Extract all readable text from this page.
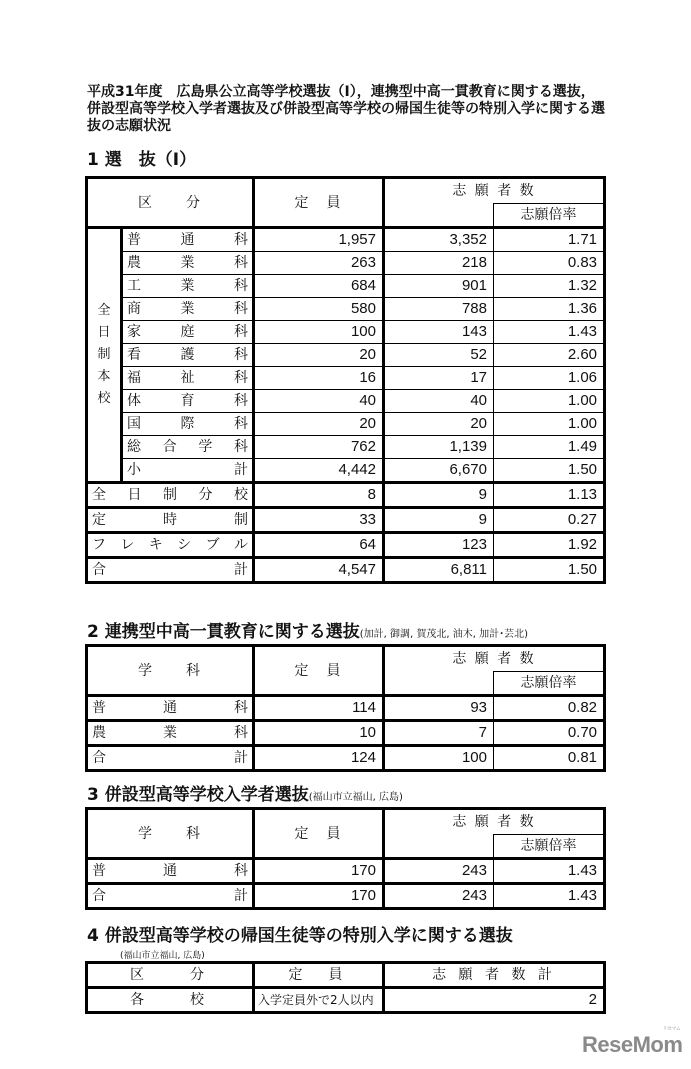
平成31年度　広島県公立高等学校選抜（Ⅰ），連携型中高一貫教育に関する選抜，併設型高等学校入学者選抜及び併設型高等学校の帰国生徒等の特別入学に関する選抜の志願状況
1 選　抜（Ⅰ）
区　　分		定　員	志 願 者 数	
				志願倍率

全
日
制
本
校	普 通 科	1,957	3,352	1.71

	農 業 科	263	218	0.83

	工 業 科	684	901	1.32

	商 業 科	580	788	1.36

	家 庭 科	100	143	1.43

	看 護 科	20	52	2.60

	福 祉 科	16	17	1.06

	体 育 科	40	40	1.00

	国 際 科	20	20	1.00

	総 合 学 科	762	1,139	1.49

	小 計	4,442	6,670	1.50

全 日 制 分 校		8	9	1.13

定 時 制		33	9	0.27

フ レ キ シ ブ ル	64	123	1.92

合 計		4,547	6,811	1.50
2 連携型中高一貫教育に関する選抜(加計, 御調, 賀茂北, 油木, 加計･芸北)
学　　科	定　員	志 願 者 数	
			志願倍率

普 通 科	114	93	0.82

農 業 科	10	7	0.70

合 計	124	100	0.81
3 併設型高等学校入学者選抜(福山市立福山, 広島)
学　　科	定　員	志 願 者 数	
			志願倍率

普 通 科	170	243	1.43

合 計	170	243	1.43
4 併設型高等学校の帰国生徒等の特別入学に関する選抜
(福山市立福山, 広島)
区　　分	定　員	志 願 者 数 計
各　　校	入学定員外で2人以内	2
ReseMom
リセマム
